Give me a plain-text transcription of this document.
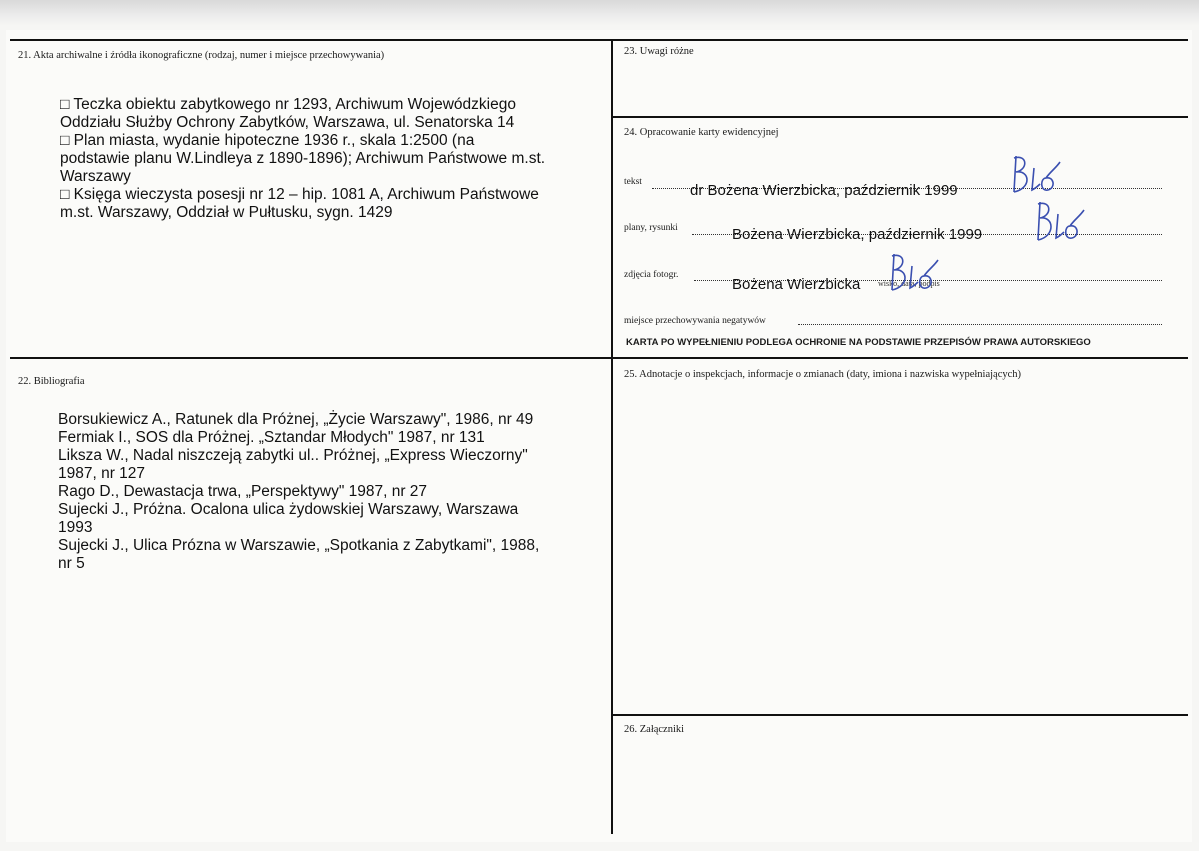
21. Akta archiwalne i źródła ikonograficzne (rodzaj, numer i miejsce przechowywania)

□ Teczka obiektu zabytkowego nr 1293, Archiwum Wojewódzkiego

Oddziału Służby Ochrony Zabytków, Warszawa, ul. Senatorska 14

□ Plan miasta, wydanie hipoteczne 1936 r., skala 1:2500 (na

podstawie planu W.Lindleya z 1890-1896); Archiwum Państwowe m.st.

Warszawy

□ Księga wieczysta posesji nr 12 – hip. 1081 A, Archiwum Państwowe

m.st. Warszawy, Oddział w Pułtusku, sygn. 1429

22. Bibliografia

Borsukiewicz A., Ratunek dla Próżnej, „Życie Warszawy", 1986, nr 49

Fermiak I., SOS dla Próżnej. „Sztandar Młodych" 1987, nr 131

Liksza W., Nadal niszczeją zabytki ul.. Próżnej, „Express Wieczorny"

1987, nr 127

Rago D., Dewastacja trwa, „Perspektywy" 1987, nr 27

Sujecki J., Próżna. Ocalona ulica żydowskiej Warszawy, Warszawa

1993

Sujecki J., Ulica Prózna w Warszawie, „Spotkania z Zabytkami", 1988,

nr 5

23. Uwagi różne
24. Opracowanie karty ewidencyjnej
tekst	dr Bożena Wierzbicka, październik 1999
plany, rysunki	Bożena Wierzbicka, październik 1999
zdjęcia fotogr.
Bożena Wierzbicka wisko, data, podpis
miejsce przechowywania negatywów
KARTA PO WYPEŁNIENIU PODLEGA OCHRONIE NA PODSTAWIE PRZEPISÓW PRAWA AUTORSKIEGO
25. Adnotacje o inspekcjach, informacje o zmianach (daty, imiona i nazwiska wypełniających)
26. Załączniki
